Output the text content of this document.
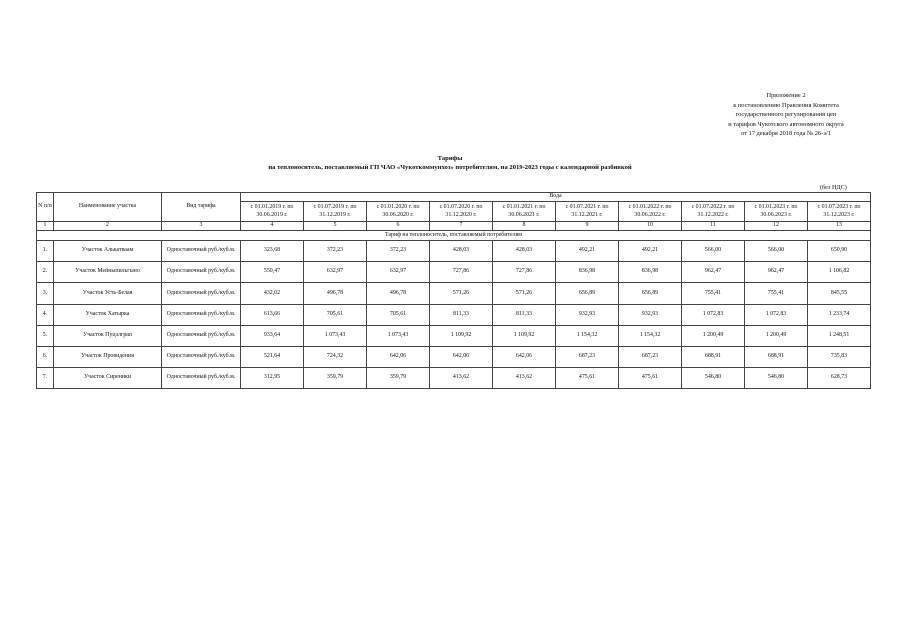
Приложение 2
к постановлению Правления Комитета
государственного регулирования цен
и тарифов Чукотского автономного округа
от 17 декабря 2018 года № 26-э/1
Тарифы
на теплоноситель, поставляемый ГП ЧАО «Чукоткоммунхоз» потребителям, на 2019-2023 годы с календарной разбивкой
(без НДС)
N п/п	Наименование участка	Вид тарифа	Вода									
			с 01.01.2019 г. по 30.06.2019 г.	с 01.07.2019 г. по 31.12.2019 г.	с 01.01.2020 г. по 30.06.2020 г.	с 01.07.2020 г. по 31.12.2020 г.	с 01.01.2021 г. по 30.06.2021 г.	с 01.07.2021 г. по 31.12.2021 г.	с 01.01.2022 г. по 30.06.2022 г.	с 01.07.2022 г. по 31.12.2022 г.	с 01.01.2023 г. по 30.06.2023 г.	с 01.07.2023 г. по 31.12.2023 г.
1	2	3	4	5	6	7	8	9	10	11	12	13
Тариф на теплоноситель, поставляемый потребителям												
1.	Участок Алькатваам	Одноставочный руб./куб.м.	323,68	372,23	372,23	428,03	428,03	492,21	492,21	566,00	566,00	650,90
2.	Участок Мейныпильгыно	Одноставочный руб./куб.м.	550,47	632,97	632,97	727,86	727,86	836,98	836,98	962,47	962,47	1 106,82
3.	Участок Усть-Белая	Одноставочный руб./куб.м.	432,02	496,78	496,78	571,26	571,26	656,89	656,89	755,41	755,41	845,55
4.	Участок Хатырка	Одноставочный руб./куб.м.	613,66	705,61	705,61	811,33	811,33	932,93	932,93	1 072,83	1 072,83	1 233,74
5.	Участок Пуцэлграп	Одноставочный руб./куб.м.	933,64	1 073,43	1 073,43	1 109,92	1 109,92	1 154,32	1 154,32	1 200,49	1 200,49	1 248,51
6.	Участок Провидения	Одноставочный руб./куб.м.	521,64	724,32	642,06	642,06	642,06	687,23	687,23	688,91	688,91	735,83
7.	Участок Сиреники	Одноставочный руб./куб.м.	312,95	359,79	359,79	413,62	413,62	475,61	475,61	546,80	546,80	628,73
